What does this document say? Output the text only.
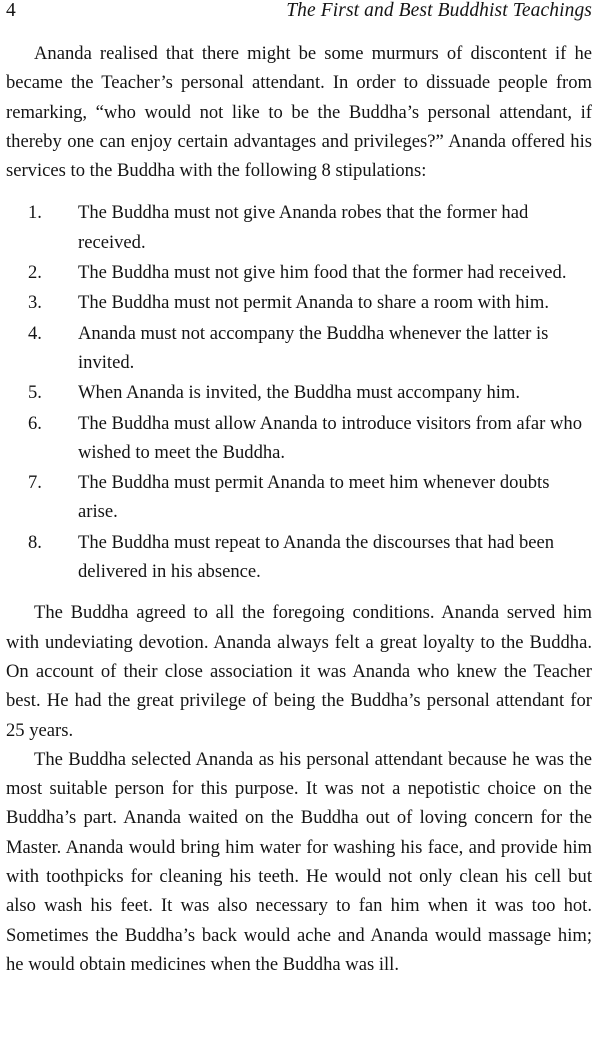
4	The First and Best Buddhist Teachings

Ananda realised that there might be some murmurs of discontent if he became the Teacher’s personal attendant. In order to dissuade people from remarking, “who would not like to be the Buddha’s personal attendant, if thereby one can enjoy certain advantages and privileges?” Ananda offered his services to the Buddha with the following 8 stipulations:

1.	The Buddha must not give Ananda robes that the former had received.
2.	The Buddha must not give him food that the former had received.
3.	The Buddha must not permit Ananda to share a room with him.
4.	Ananda must not accompany the Buddha whenever the latter is invited.
5.	When Ananda is invited, the Buddha must accompany him.
6.	The Buddha must allow Ananda to introduce visitors from afar who wished to meet the Buddha.
7.	The Buddha must permit Ananda to meet him whenever doubts arise.
8.	The Buddha must repeat to Ananda the discourses that had been delivered in his absence.

The Buddha agreed to all the foregoing conditions. Ananda served him with undeviating devotion. Ananda always felt a great loyalty to the Buddha. On account of their close association it was Ananda who knew the Teacher best. He had the great privilege of being the Buddha’s personal attendant for 25 years.

The Buddha selected Ananda as his personal attendant because he was the most suitable person for this purpose. It was not a nepotistic choice on the Buddha’s part. Ananda waited on the Buddha out of loving concern for the Master. Ananda would bring him water for washing his face, and provide him with toothpicks for cleaning his teeth. He would not only clean his cell but also wash his feet. It was also necessary to fan him when it was too hot. Sometimes the Buddha’s back would ache and Ananda would massage him; he would obtain medicines when the Buddha was ill.
